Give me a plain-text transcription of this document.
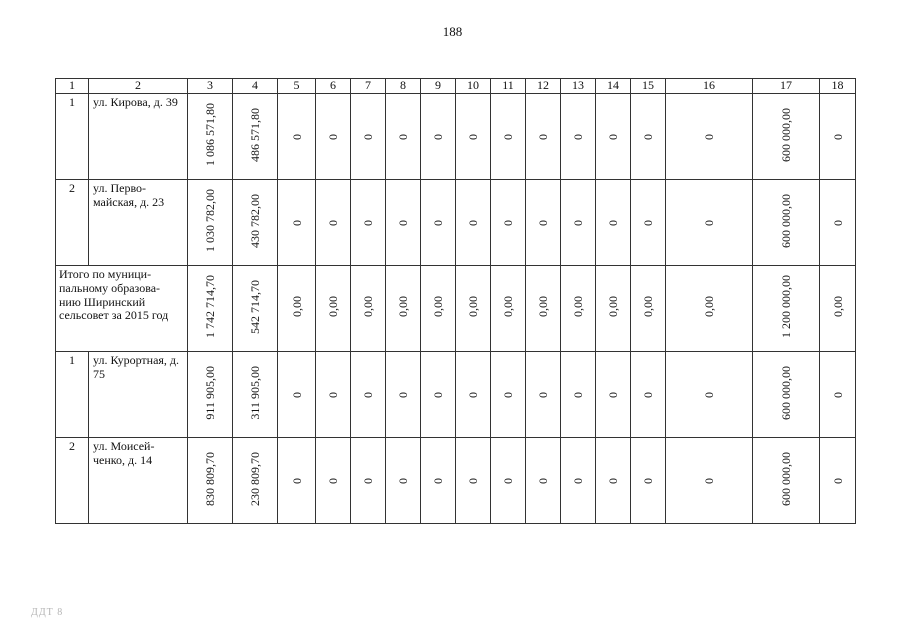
188
1	2	3	4	5	6	7	8	9	10	11	12	13	14	15	16	17	18
1	ул. Кирова, д. 39	1 086 571,80	486 571,80	0	0	0	0	0	0	0	0	0	0	0	0	600 000,00	0
2	ул. Перво- майская, д. 23	1 030 782,00	430 782,00	0	0	0	0	0	0	0	0	0	0	0	0	600 000,00	0
Итого по муници- пальному образова- нию Ширинский сельсовет за 2015 год		1 742 714,70	542 714,70	0,00	0,00	0,00	0,00	0,00	0,00	0,00	0,00	0,00	0,00	0,00	0,00	1 200 000,00	0,00
1	ул. Курортная, д. 75	911 905,00	311 905,00	0	0	0	0	0	0	0	0	0	0	0	0	600 000,00	0
2	ул. Моисей- ченко, д. 14	830 809,70	230 809,70	0	0	0	0	0	0	0	0	0	0	0	0	600 000,00	0
ДДТ 8
